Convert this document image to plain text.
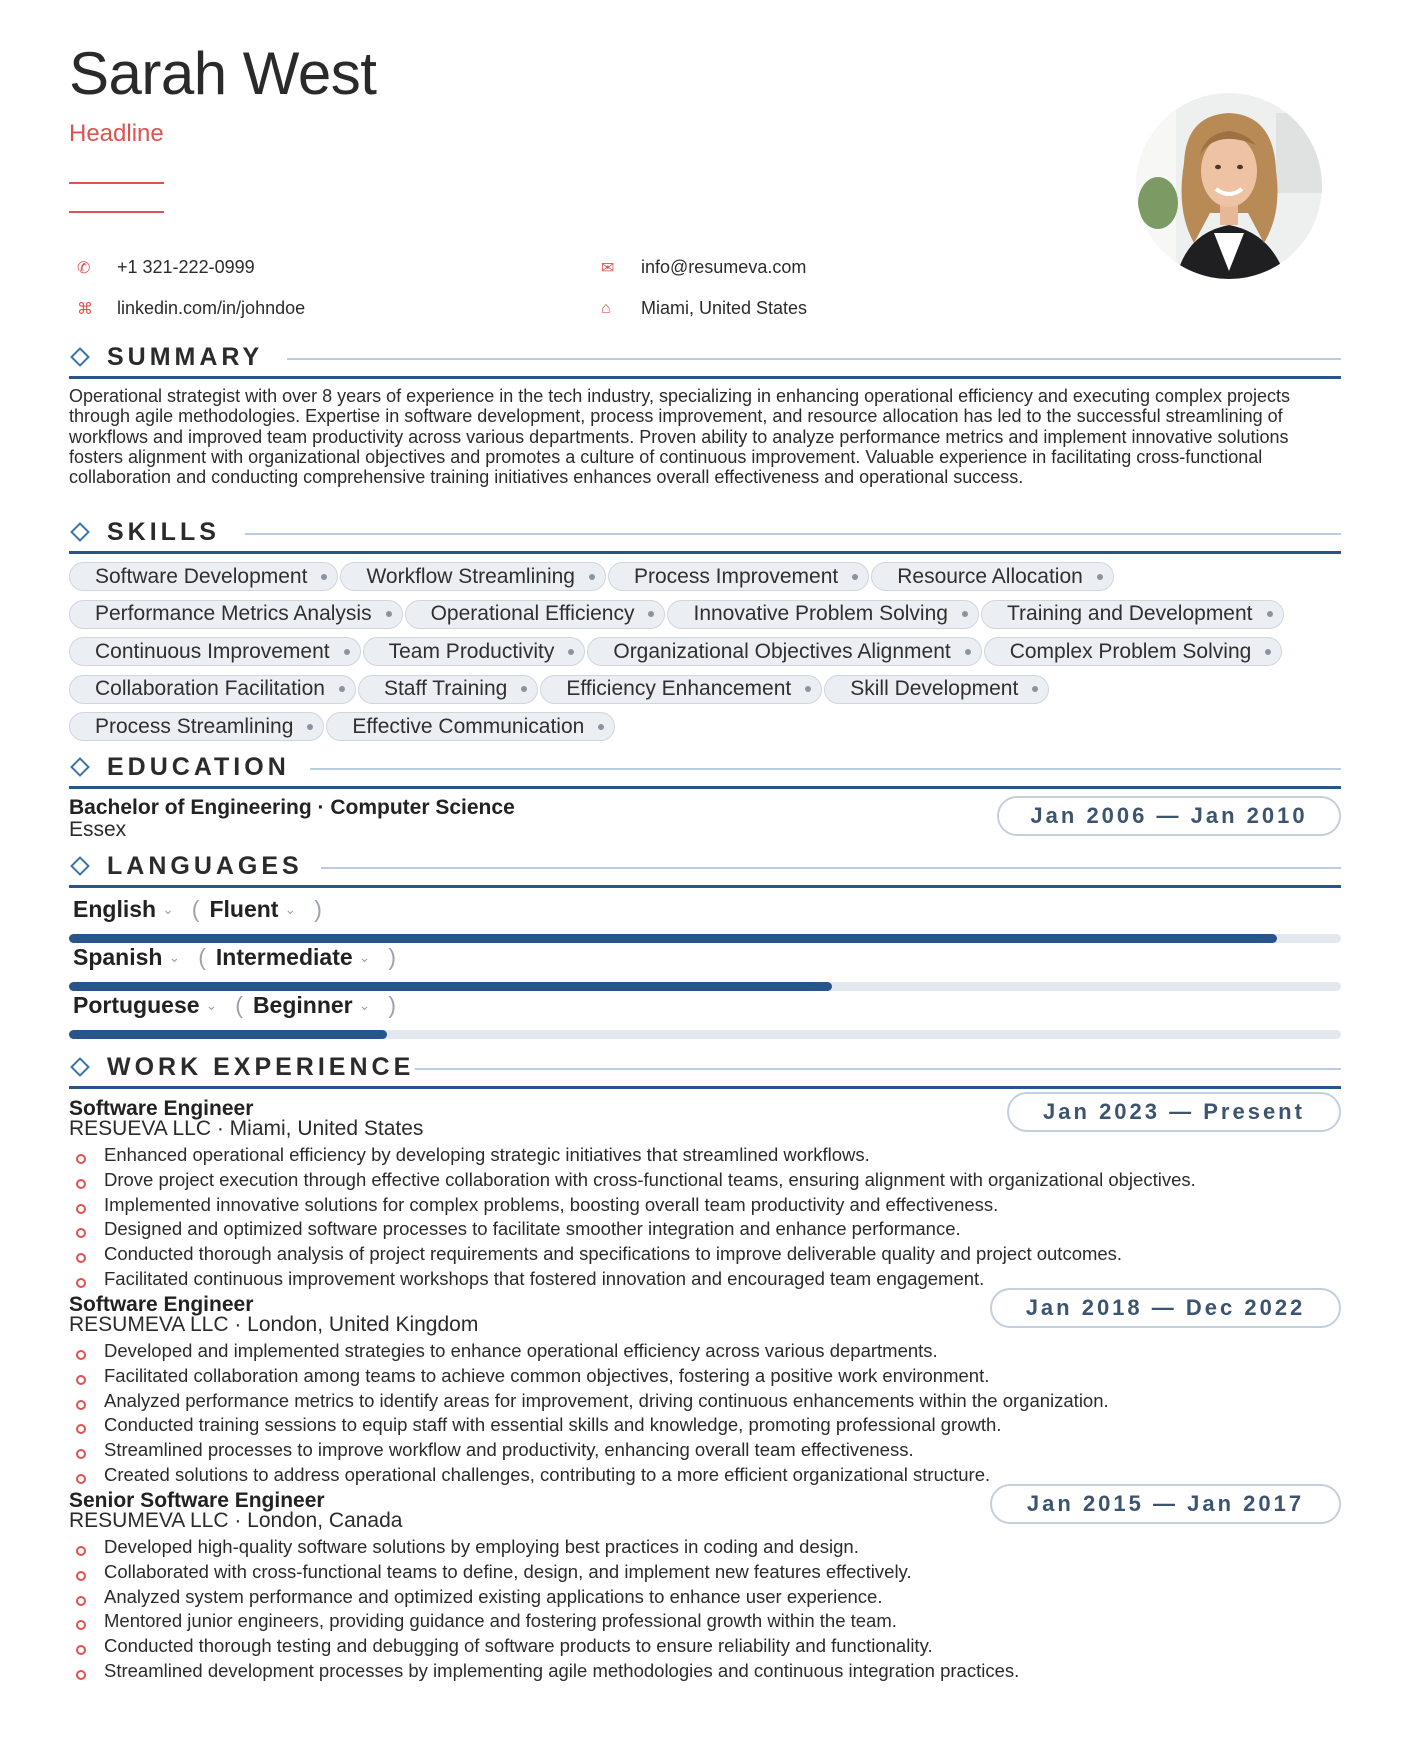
Sarah West
Headline
✆	+1 321-222-0999	✉	info@resumeva.com
⌘	linkedin.com/in/johndoe	⌂	Miami, United States
SUMMARY
Operational strategist with over 8 years of experience in the tech industry, specializing in enhancing operational efficiency and executing complex projects through agile methodologies. Expertise in software development, process improvement, and resource allocation has led to the successful streamlining of workflows and improved team productivity across various departments. Proven ability to analyze performance metrics and implement innovative solutions fosters alignment with organizational objectives and promotes a culture of continuous improvement. Valuable experience in facilitating cross-functional collaboration and conducting comprehensive training initiatives enhances overall effectiveness and operational success.
SKILLS
Software Development	Workflow Streamlining	Process Improvement	Resource Allocation
Performance Metrics Analysis	Operational Efficiency	Innovative Problem Solving	Training and Development
Continuous Improvement	Team Productivity	Organizational Objectives Alignment	Complex Problem Solving
Collaboration Facilitation	Staff Training	Efficiency Enhancement	Skill Development
Process Streamlining	Effective Communication
EDUCATION
Bachelor of Engineering · Computer Science
Essex
Jan 2006 — Jan 2010
LANGUAGES
English ⌄ ( Fluent ⌄ )
Spanish ⌄ ( Intermediate ⌄ )
Portuguese ⌄ ( Beginner ⌄ )
WORK EXPERIENCE
Software Engineer
RESUEVA LLC · Miami, United States
Jan 2023 — Present
Enhanced operational efficiency by developing strategic initiatives that streamlined workflows.
Drove project execution through effective collaboration with cross-functional teams, ensuring alignment with organizational objectives.
Implemented innovative solutions for complex problems, boosting overall team productivity and effectiveness.
Designed and optimized software processes to facilitate smoother integration and enhance performance.
Conducted thorough analysis of project requirements and specifications to improve deliverable quality and project outcomes.
Facilitated continuous improvement workshops that fostered innovation and encouraged team engagement.
Software Engineer
RESUMEVA LLC · London, United Kingdom
Jan 2018 — Dec 2022
Developed and implemented strategies to enhance operational efficiency across various departments.
Facilitated collaboration among teams to achieve common objectives, fostering a positive work environment.
Analyzed performance metrics to identify areas for improvement, driving continuous enhancements within the organization.
Conducted training sessions to equip staff with essential skills and knowledge, promoting professional growth.
Streamlined processes to improve workflow and productivity, enhancing overall team effectiveness.
Created solutions to address operational challenges, contributing to a more efficient organizational structure.
Senior Software Engineer
RESUMEVA LLC · London, Canada
Jan 2015 — Jan 2017
Developed high-quality software solutions by employing best practices in coding and design.
Collaborated with cross-functional teams to define, design, and implement new features effectively.
Analyzed system performance and optimized existing applications to enhance user experience.
Mentored junior engineers, providing guidance and fostering professional growth within the team.
Conducted thorough testing and debugging of software products to ensure reliability and functionality.
Streamlined development processes by implementing agile methodologies and continuous integration practices.
